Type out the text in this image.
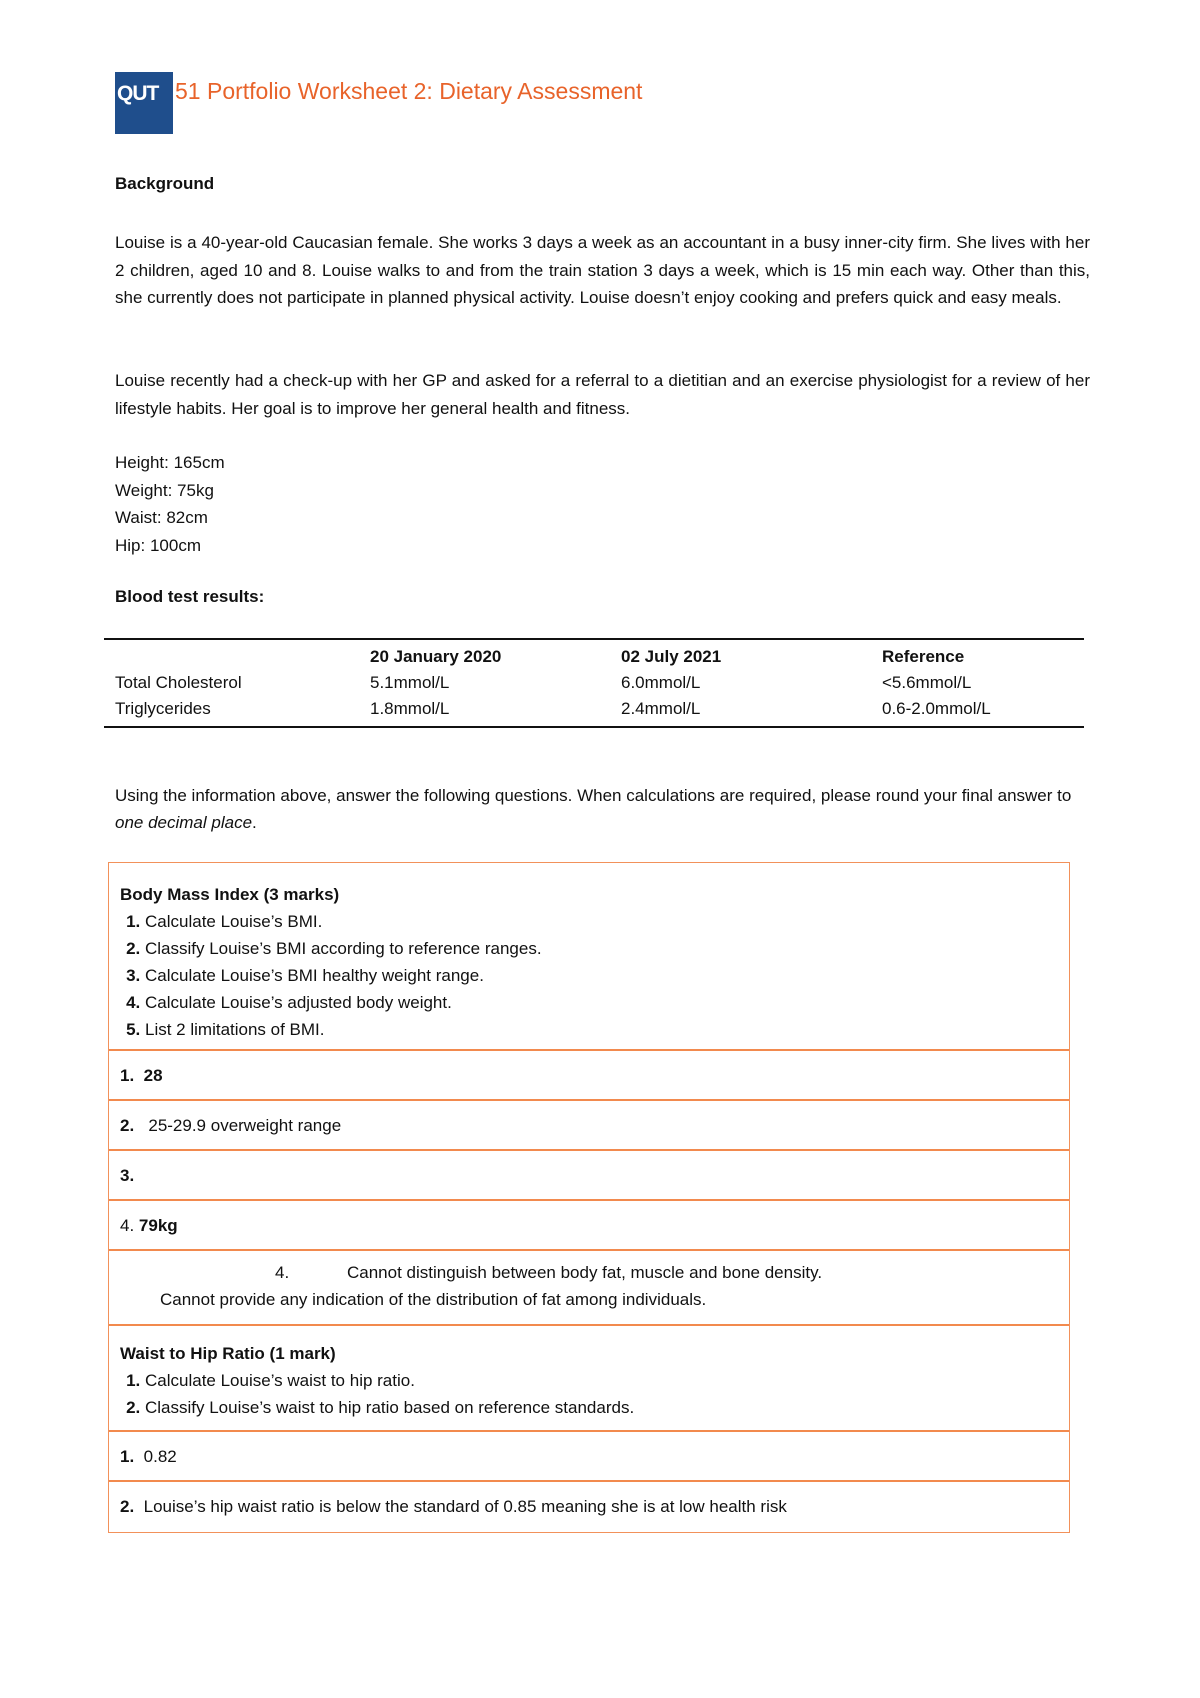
QUT 51 Portfolio Worksheet 2: Dietary Assessment
Background
Louise is a 40-year-old Caucasian female. She works 3 days a week as an accountant in a busy inner-city firm. She lives with her 2 children, aged 10 and 8. Louise walks to and from the train station 3 days a week, which is 15 min each way. Other than this, she currently does not participate in planned physical activity. Louise doesn’t enjoy cooking and prefers quick and easy meals.
Louise recently had a check-up with her GP and asked for a referral to a dietitian and an exercise physiologist for a review of her lifestyle habits. Her goal is to improve her general health and fitness.
Height: 165cm
Weight: 75kg
Waist: 82cm
Hip: 100cm
Blood test results:
	20 January 2020	02 July 2021	Reference
Total Cholesterol	5.1mmol/L	6.0mmol/L	<5.6mmol/L
Triglycerides	1.8mmol/L	2.4mmol/L	0.6-2.0mmol/L
Using the information above, answer the following questions. When calculations are required, please round your final answer to one decimal place.
Body Mass Index (3 marks)
1. Calculate Louise’s BMI.
2. Classify Louise’s BMI according to reference ranges.
3. Calculate Louise’s BMI healthy weight range.
4. Calculate Louise’s adjusted body weight.
5. List 2 limitations of BMI.
1. 28
2. 25-29.9 overweight range
3.
4. 79kg
4.	Cannot distinguish between body fat, muscle and bone density.
Cannot provide any indication of the distribution of fat among individuals.
Waist to Hip Ratio (1 mark)
1. Calculate Louise’s waist to hip ratio.
2. Classify Louise’s waist to hip ratio based on reference standards.
1. 0.82
2. Louise’s hip waist ratio is below the standard of 0.85 meaning she is at low health risk
